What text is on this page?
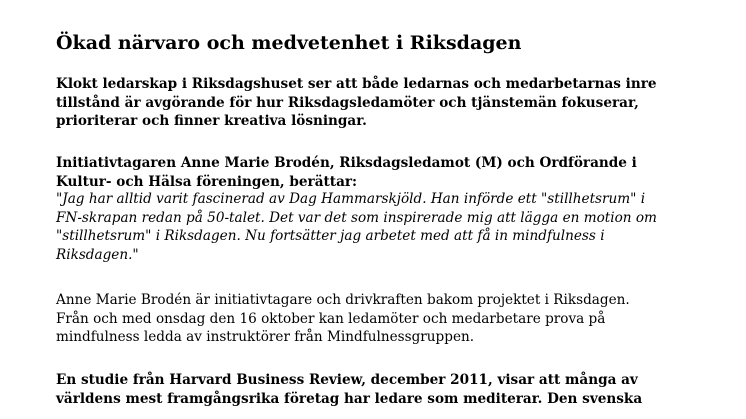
Ökad närvaro och medvetenhet i Riksdagen

Klokt ledarskap i Riksdagshuset ser att både ledarnas och medarbetarnas inre
tillstånd är avgörande för hur Riksdagsledamöter och tjänstemän fokuserar,
prioriterar och finner kreativa lösningar.

Initiativtagaren Anne Marie Brodén, Riksdagsledamot (M) och Ordförande i
Kultur- och Hälsa föreningen, berättar:

"Jag har alltid varit fascinerad av Dag Hammarskjöld. Han införde ett "stillhetsrum" i
FN-skrapan redan på 50-talet. Det var det som inspirerade mig att lägga en motion om
"stillhetsrum" i Riksdagen. Nu fortsätter jag arbetet med att få in mindfulness i
Riksdagen."

Anne Marie Brodén är initiativtagare och drivkraften bakom projektet i Riksdagen.
Från och med onsdag den 16 oktober kan ledamöter och medarbetare prova på
mindfulness ledda av instruktörer från Mindfulnessgruppen.

En studie från Harvard Business Review, december 2011, visar att många av
världens mest framgångsrika företag har ledare som mediterar. Den svenska
